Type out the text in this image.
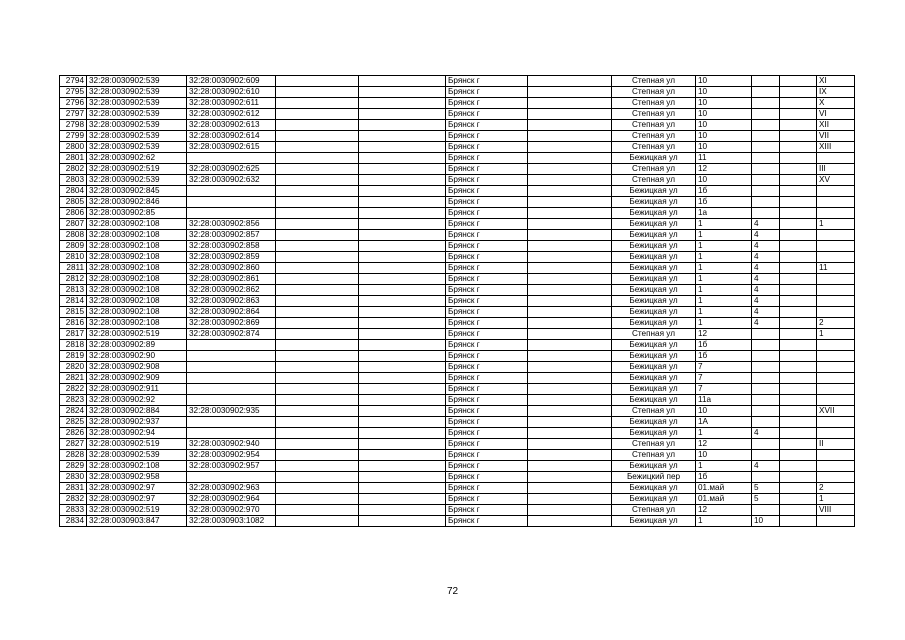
2794	32:28:0030902:539	32:28:0030902:609			Брянск г		Степная ул	10			XI
2795	32:28:0030902:539	32:28:0030902:610			Брянск г		Степная ул	10			IX
2796	32:28:0030902:539	32:28:0030902:611			Брянск г		Степная ул	10			X
2797	32:28:0030902:539	32:28:0030902:612			Брянск г		Степная ул	10			VI
2798	32:28:0030902:539	32:28:0030902:613			Брянск г		Степная ул	10			XII
2799	32:28:0030902:539	32:28:0030902:614			Брянск г		Степная ул	10			VII
2800	32:28:0030902:539	32:28:0030902:615			Брянск г		Степная ул	10			XIII
2801	32:28:0030902:62				Брянск г		Бежицкая ул	11			
2802	32:28:0030902:519	32:28:0030902:625			Брянск г		Степная ул	12			III
2803	32:28:0030902:539	32:28:0030902:632			Брянск г		Степная ул	10			XV
2804	32:28:0030902:845				Брянск г		Бежицкая ул	1б			
2805	32:28:0030902:846				Брянск г		Бежицкая ул	1б			
2806	32:28:0030902:85				Брянск г		Бежицкая ул	1а			
2807	32:28:0030902:108	32:28:0030902:856			Брянск г		Бежицкая ул	1	4		1
2808	32:28:0030902:108	32:28:0030902:857			Брянск г		Бежицкая ул	1	4		
2809	32:28:0030902:108	32:28:0030902:858			Брянск г		Бежицкая ул	1	4		
2810	32:28:0030902:108	32:28:0030902:859			Брянск г		Бежицкая ул	1	4		
2811	32:28:0030902:108	32:28:0030902:860			Брянск г		Бежицкая ул	1	4		11
2812	32:28:0030902:108	32:28:0030902:861			Брянск г		Бежицкая ул	1	4		
2813	32:28:0030902:108	32:28:0030902:862			Брянск г		Бежицкая ул	1	4		
2814	32:28:0030902:108	32:28:0030902:863			Брянск г		Бежицкая ул	1	4		
2815	32:28:0030902:108	32:28:0030902:864			Брянск г		Бежицкая ул	1	4		
2816	32:28:0030902:108	32:28:0030902:869			Брянск г		Бежицкая ул	1	4		2
2817	32:28:0030902:519	32:28:0030902:874			Брянск г		Степная ул	12			1
2818	32:28:0030902:89				Брянск г		Бежицкая ул	1б			
2819	32:28:0030902:90				Брянск г		Бежицкая ул	1б			
2820	32:28:0030902:908				Брянск г		Бежицкая ул	7			
2821	32:28:0030902:909				Брянск г		Бежицкая ул	7			
2822	32:28:0030902:911				Брянск г		Бежицкая ул	7			
2823	32:28:0030902:92				Брянск г		Бежицкая ул	11а			
2824	32:28:0030902:884	32:28:0030902:935			Брянск г		Степная ул	10			XVII
2825	32:28:0030902:937				Брянск г		Бежицкая ул	1А			
2826	32:28:0030902:94				Брянск г		Бежицкая ул	1	4		
2827	32:28:0030902:519	32:28:0030902:940			Брянск г		Степная ул	12			II
2828	32:28:0030902:539	32:28:0030902:954			Брянск г		Степная ул	10			
2829	32:28:0030902:108	32:28:0030902:957			Брянск г		Бежицкая ул	1	4		
2830	32:28:0030902:958				Брянск г		Бежицкий пер	1б			
2831	32:28:0030902:97	32:28:0030902:963			Брянск г		Бежицкая ул	01.май	5		2
2832	32:28:0030902:97	32:28:0030902:964			Брянск г		Бежицкая ул	01.май	5		1
2833	32:28:0030902:519	32:28:0030902:970			Брянск г		Степная ул	12			VIII
2834	32:28:0030903:847	32:28:0030903:1082			Брянск г		Бежицкая ул	1	10		
72
